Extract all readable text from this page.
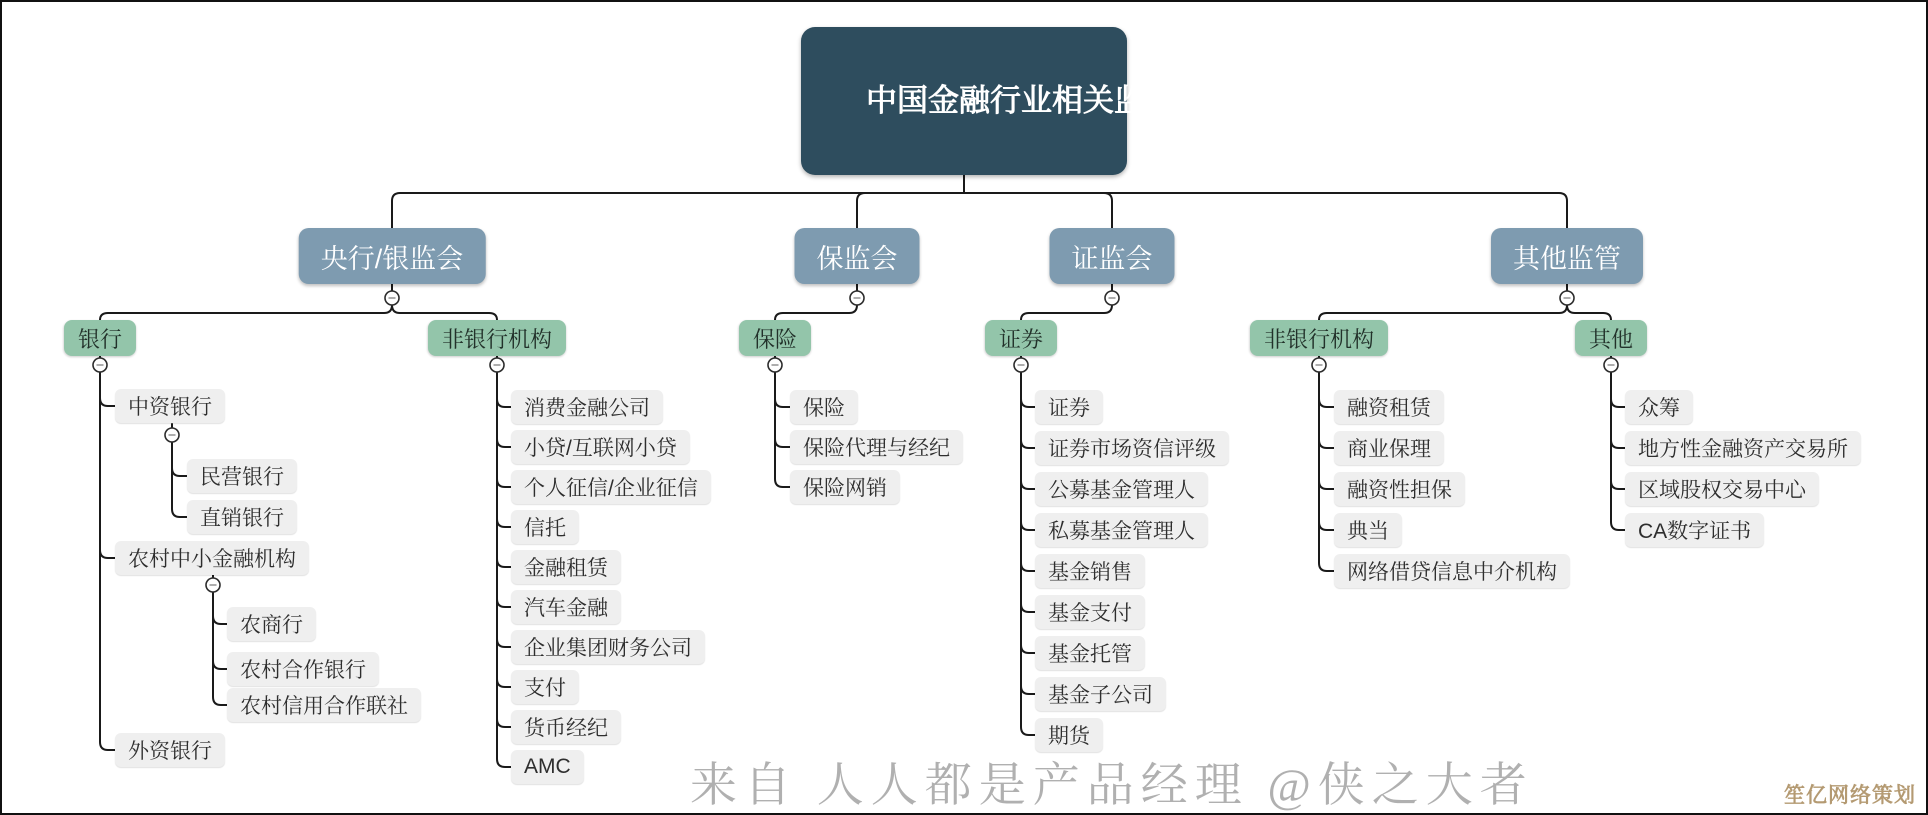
中国金融行业相关监管
央行/银监会	保监会	证监会	其他监管
银行	非银行机构	保险	证券	非银行机构	其他
中资银行
民营银行
直销银行
农村中小金融机构
农商行
农村合作银行
农村信用合作联社
外资银行
消费金融公司
小贷/互联网小贷
个人征信/企业征信
信托
金融租赁
汽车金融
企业集团财务公司
支付
货币经纪
AMC
保险
保险代理与经纪
保险网销
证券
证券市场资信评级
公募基金管理人
私募基金管理人
基金销售
基金支付
基金托管
基金子公司
期货
融资租赁
商业保理
融资性担保
典当
网络借贷信息中介机构
众筹
地方性金融资产交易所
区域股权交易中心
CA数字证书
来自 人人都是产品经理 @侠之大者	笙亿网络策划
